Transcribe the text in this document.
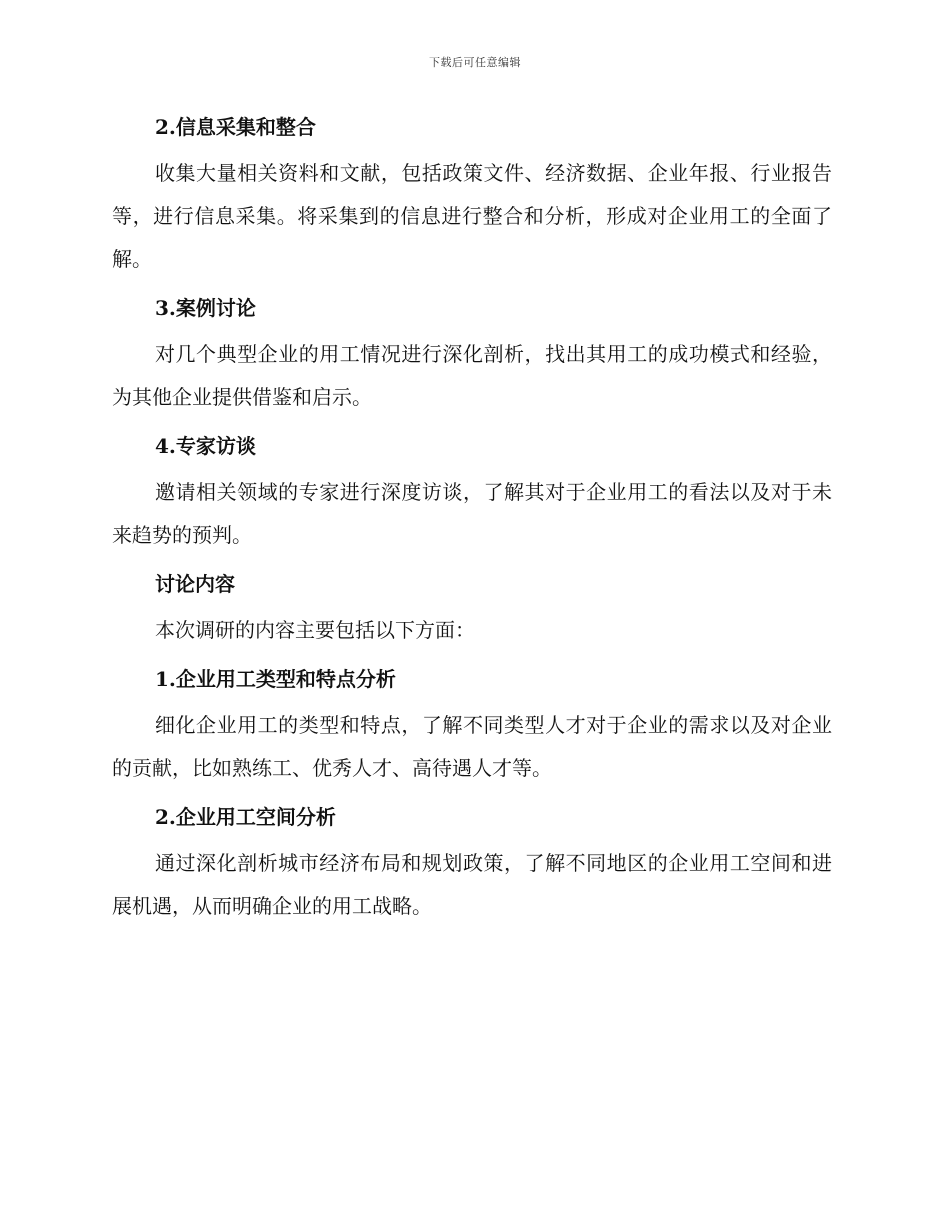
下载后可任意编辑

2.信息采集和整合

收集大量相关资料和文献，包括政策文件、经济数据、企业年报、行业报告等，进行信息采集。将采集到的信息进行整合和分析，形成对企业用工的全面了解。

3.案例讨论

对几个典型企业的用工情况进行深化剖析，找出其用工的成功模式和经验，为其他企业提供借鉴和启示。

4.专家访谈

邀请相关领域的专家进行深度访谈，了解其对于企业用工的看法以及对于未来趋势的预判。

讨论内容

本次调研的内容主要包括以下方面：

1.企业用工类型和特点分析

细化企业用工的类型和特点，了解不同类型人才对于企业的需求以及对企业的贡献，比如熟练工、优秀人才、高待遇人才等。

2.企业用工空间分析

通过深化剖析城市经济布局和规划政策，了解不同地区的企业用工空间和进展机遇，从而明确企业的用工战略。
